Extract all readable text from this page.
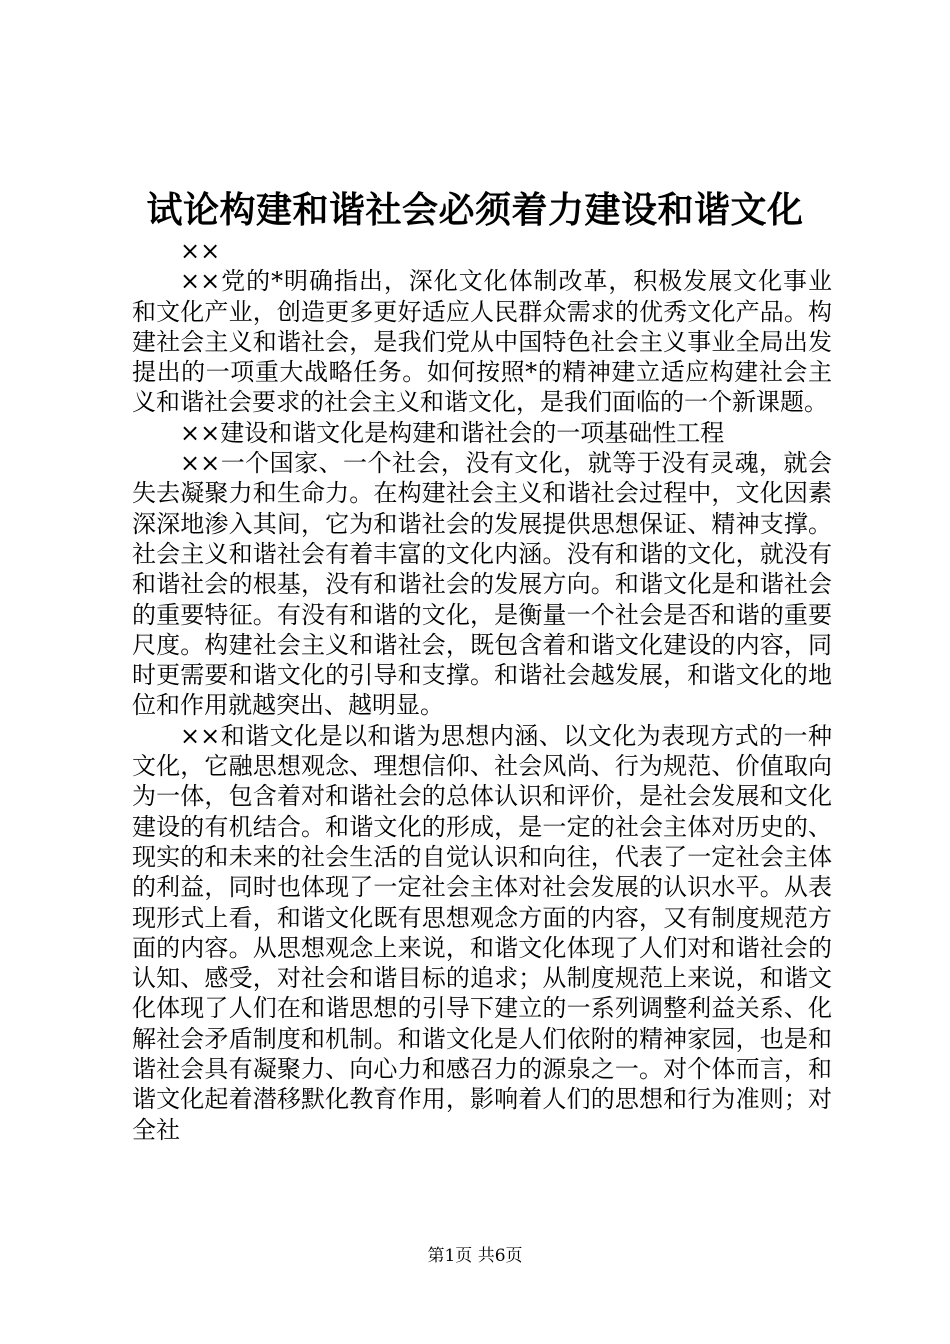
试论构建和谐社会必须着力建设和谐文化

××

××党的*明确指出，深化文化体制改革，积极发展文化事业和文化产业，创造更多更好适应人民群众需求的优秀文化产品。构建社会主义和谐社会，是我们党从中国特色社会主义事业全局出发提出的一项重大战略任务。如何按照*的精神建立适应构建社会主义和谐社会要求的社会主义和谐文化，是我们面临的一个新课题。

××建设和谐文化是构建和谐社会的一项基础性工程

××一个国家、一个社会，没有文化，就等于没有灵魂，就会失去凝聚力和生命力。在构建社会主义和谐社会过程中，文化因素深深地渗入其间，它为和谐社会的发展提供思想保证、精神支撑。社会主义和谐社会有着丰富的文化内涵。没有和谐的文化，就没有和谐社会的根基，没有和谐社会的发展方向。和谐文化是和谐社会的重要特征。有没有和谐的文化，是衡量一个社会是否和谐的重要尺度。构建社会主义和谐社会，既包含着和谐文化建设的内容，同时更需要和谐文化的引导和支撑。和谐社会越发展，和谐文化的地位和作用就越突出、越明显。

××和谐文化是以和谐为思想内涵、以文化为表现方式的一种文化，它融思想观念、理想信仰、社会风尚、行为规范、价值取向为一体，包含着对和谐社会的总体认识和评价，是社会发展和文化建设的有机结合。和谐文化的形成，是一定的社会主体对历史的、现实的和未来的社会生活的自觉认识和向往，代表了一定社会主体的利益，同时也体现了一定社会主体对社会发展的认识水平。从表现形式上看，和谐文化既有思想观念方面的内容，又有制度规范方面的内容。从思想观念上来说，和谐文化体现了人们对和谐社会的认知、感受，对社会和谐目标的追求；从制度规范上来说，和谐文化体现了人们在和谐思想的引导下建立的一系列调整利益关系、化解社会矛盾制度和机制。和谐文化是人们依附的精神家园，也是和谐社会具有凝聚力、向心力和感召力的源泉之一。对个体而言，和谐文化起着潜移默化教育作用，影响着人们的思想和行为准则；对全社

第1页 共6页
